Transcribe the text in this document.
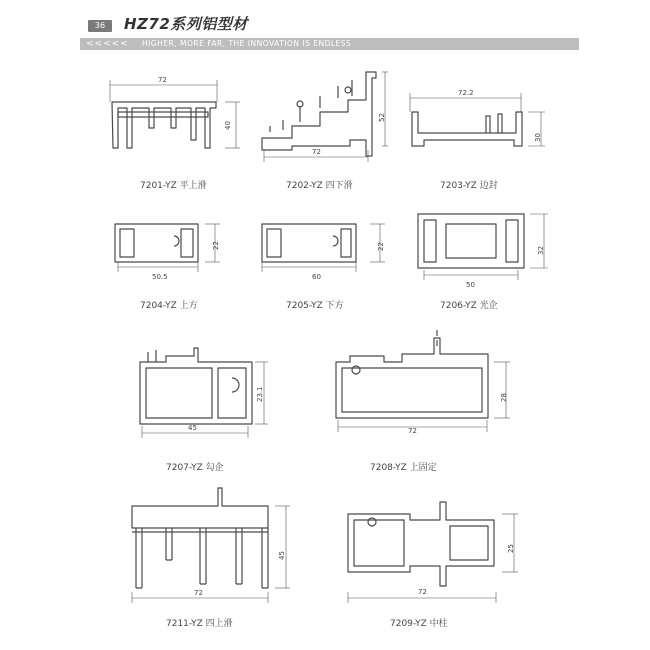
36	HZ72系列铝型材
<<<<< HIGHER, MORE FAR, THE INNOVATION IS ENDLESS
72
40
72
52
72.2
30
50.5
22
60
22
50
32
45
23.1
72
28
72
45
72
25
7201-YZ 平上滑	7202-YZ 四下滑	7203-YZ 边封
7204-YZ 上方	7205-YZ 下方	7206-YZ 光企
7207-YZ 勾企	7208-YZ 上固定
7211-YZ 四上滑	7209-YZ 中柱
